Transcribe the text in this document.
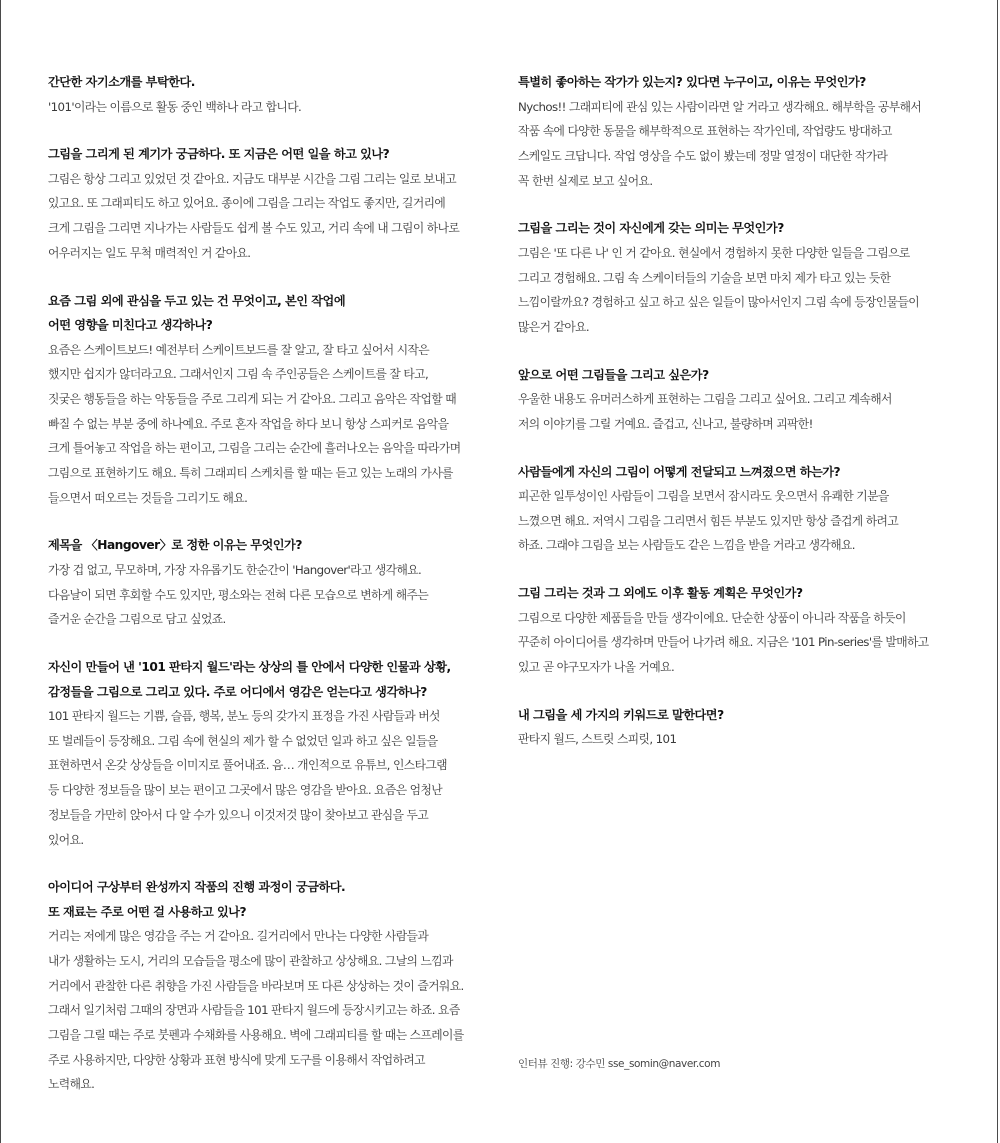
간단한 자기소개를 부탁한다.

'101'이라는 이름으로 활동 중인 백하나 라고 합니다.

그림을 그리게 된 계기가 궁금하다. 또 지금은 어떤 일을 하고 있나?

그림은 항상 그리고 있었던 것 같아요. 지금도 대부분 시간을 그림 그리는 일로 보내고
있고요. 또 그래피티도 하고 있어요. 종이에 그림을 그리는 작업도 좋지만, 길거리에
크게 그림을 그리면 지나가는 사람들도 쉽게 볼 수도 있고, 거리 속에 내 그림이 하나로
어우러지는 일도 무척 매력적인 거 같아요.

요즘 그림 외에 관심을 두고 있는 건 무엇이고, 본인 작업에
어떤 영향을 미친다고 생각하나?

요즘은 스케이트보드! 예전부터 스케이트보드를 잘 알고, 잘 타고 싶어서 시작은
했지만 쉽지가 않더라고요. 그래서인지 그림 속 주인공들은 스케이트를 잘 타고,
짓궂은 행동들을 하는 악동들을 주로 그리게 되는 거 같아요. 그리고 음악은 작업할 때
빠질 수 없는 부분 중에 하나예요. 주로 혼자 작업을 하다 보니 항상 스피커로 음악을
크게 틀어놓고 작업을 하는 편이고, 그림을 그리는 순간에 흘러나오는 음악을 따라가며
그림으로 표현하기도 해요. 특히 그래피티 스케치를 할 때는 듣고 있는 노래의 가사를
들으면서 떠오르는 것들을 그리기도 해요.

제목을 〈Hangover〉로 정한 이유는 무엇인가?

가장 겁 없고, 무모하며, 가장 자유롭기도 한순간이 'Hangover'라고 생각해요.
다음날이 되면 후회할 수도 있지만, 평소와는 전혀 다른 모습으로 변하게 해주는
즐거운 순간을 그림으로 담고 싶었죠.

자신이 만들어 낸 '101 판타지 월드'라는 상상의 틀 안에서 다양한 인물과 상황,
감정들을 그림으로 그리고 있다. 주로 어디에서 영감은 얻는다고 생각하나?

101 판타지 월드는 기쁨, 슬픔, 행복, 분노 등의 갖가지 표정을 가진 사람들과 버섯
또 벌레들이 등장해요. 그림 속에 현실의 제가 할 수 없었던 일과 하고 싶은 일들을
표현하면서 온갖 상상들을 이미지로 풀어내죠. 음… 개인적으로 유튜브, 인스타그램
등 다양한 정보들을 많이 보는 편이고 그곳에서 많은 영감을 받아요. 요즘은 엄청난
정보들을 가만히 앉아서 다 알 수가 있으니 이것저것 많이 찾아보고 관심을 두고
있어요.

아이디어 구상부터 완성까지 작품의 진행 과정이 궁금하다.
또 재료는 주로 어떤 걸 사용하고 있나?

거리는 저에게 많은 영감을 주는 거 같아요. 길거리에서 만나는 다양한 사람들과
내가 생활하는 도시, 거리의 모습들을 평소에 많이 관찰하고 상상해요. 그날의 느낌과
거리에서 관찰한 다른 취향을 가진 사람들을 바라보며 또 다른 상상하는 것이 즐거워요.
그래서 일기처럼 그때의 장면과 사람들을 101 판타지 월드에 등장시키고는 하죠. 요즘
그림을 그릴 때는 주로 붓펜과 수채화를 사용해요. 벽에 그래피티를 할 때는 스프레이를
주로 사용하지만, 다양한 상황과 표현 방식에 맞게 도구를 이용해서 작업하려고
노력해요.

특별히 좋아하는 작가가 있는지? 있다면 누구이고, 이유는 무엇인가?

Nychos!! 그래피티에 관심 있는 사람이라면 알 거라고 생각해요. 해부학을 공부해서
작품 속에 다양한 동물을 해부학적으로 표현하는 작가인데, 작업량도 방대하고
스케일도 크답니다. 작업 영상을 수도 없이 봤는데 정말 열정이 대단한 작가라
꼭 한번 실제로 보고 싶어요.

그림을 그리는 것이 자신에게 갖는 의미는 무엇인가?

그림은 '또 다른 나' 인 거 같아요. 현실에서 경험하지 못한 다양한 일들을 그림으로
그리고 경험해요. 그림 속 스케이터들의 기술을 보면 마치 제가 타고 있는 듯한
느낌이랄까요? 경험하고 싶고 하고 싶은 일들이 많아서인지 그림 속에 등장인물들이
많은거 같아요.

앞으로 어떤 그림들을 그리고 싶은가?

우울한 내용도 유머러스하게 표현하는 그림을 그리고 싶어요. 그리고 계속해서
저의 이야기를 그릴 거예요. 즐겁고, 신나고, 불량하며 괴팍한!

사람들에게 자신의 그림이 어떻게 전달되고 느껴졌으면 하는가?

피곤한 일투성이인 사람들이 그림을 보면서 잠시라도 웃으면서 유쾌한 기분을
느꼈으면 해요. 저역시 그림을 그리면서 힘든 부분도 있지만 항상 즐겁게 하려고
하죠. 그래야 그림을 보는 사람들도 같은 느낌을 받을 거라고 생각해요.

그림 그리는 것과 그 외에도 이후 활동 계획은 무엇인가?

그림으로 다양한 제품들을 만들 생각이에요. 단순한 상품이 아니라 작품을 하듯이
꾸준히 아이디어를 생각하며 만들어 나가려 해요. 지금은 '101 Pin-series'를 발매하고
있고 곧 야구모자가 나올 거예요.

내 그림을 세 가지의 키워드로 말한다면?

판타지 월드, 스트릿 스피릿, 101

인터뷰 진행: 강수민 sse_somin@naver.com
